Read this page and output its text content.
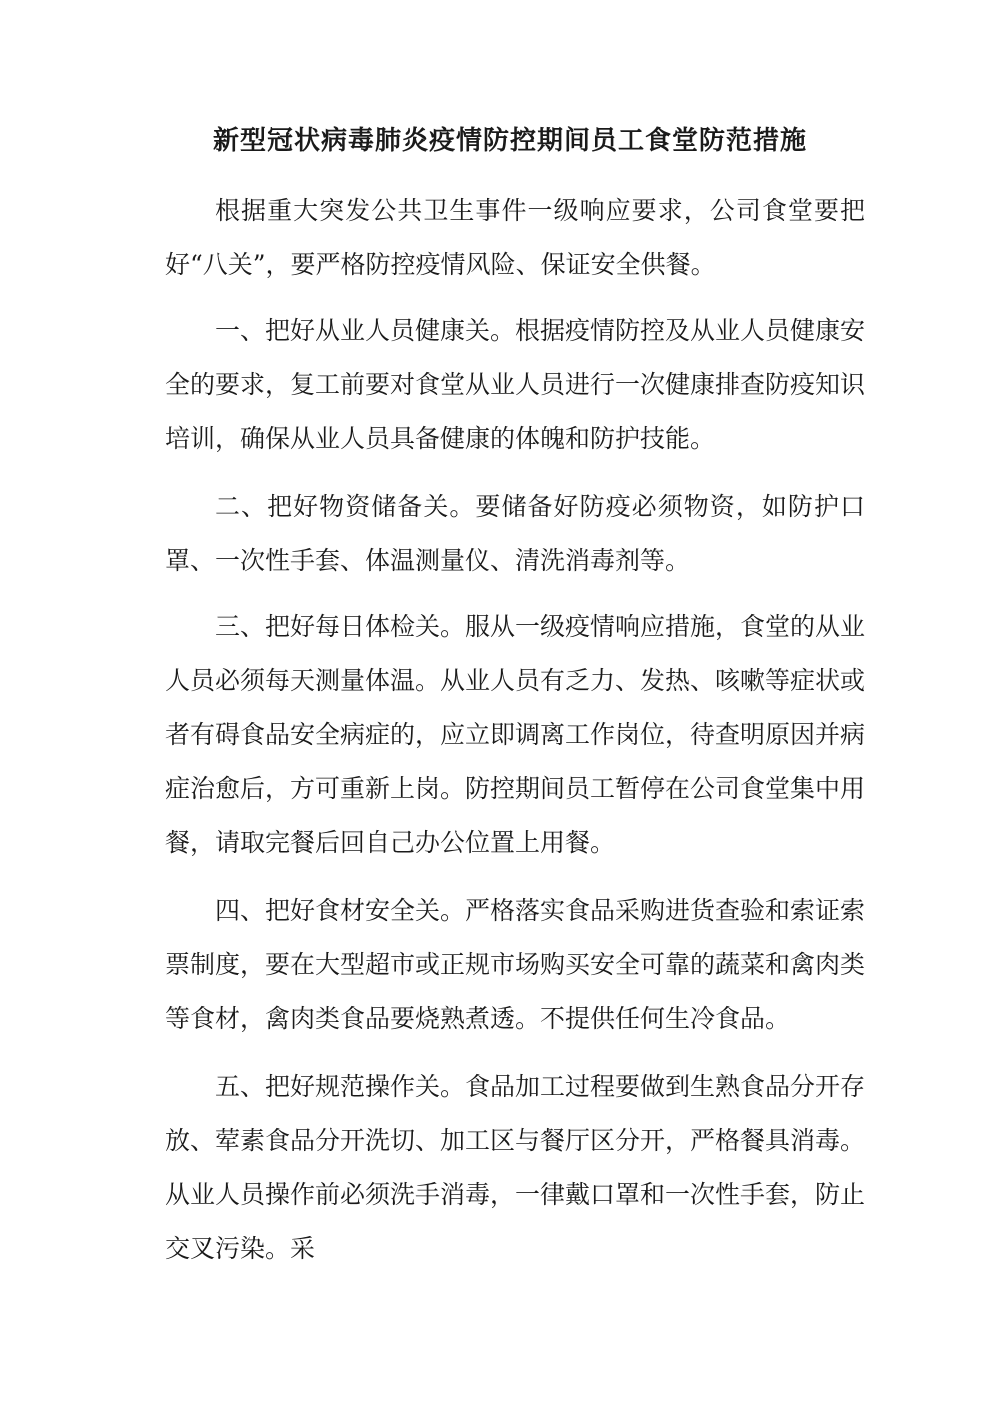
新型冠状病毒肺炎疫情防控期间员工食堂防范措施

根据重大突发公共卫生事件一级响应要求，公司食堂要把好“八关”，要严格防控疫情风险、保证安全供餐。

一、把好从业人员健康关。根据疫情防控及从业人员健康安全的要求，复工前要对食堂从业人员进行一次健康排查防疫知识培训，确保从业人员具备健康的体魄和防护技能。

二、把好物资储备关。要储备好防疫必须物资，如防护口罩、一次性手套、体温测量仪、清洗消毒剂等。

三、把好每日体检关。服从一级疫情响应措施，食堂的从业人员必须每天测量体温。从业人员有乏力、发热、咳嗽等症状或者有碍食品安全病症的，应立即调离工作岗位，待查明原因并病症治愈后，方可重新上岗。防控期间员工暂停在公司食堂集中用餐，请取完餐后回自己办公位置上用餐。

四、把好食材安全关。严格落实食品采购进货查验和索证索票制度，要在大型超市或正规市场购买安全可靠的蔬菜和禽肉类等食材，禽肉类食品要烧熟煮透。不提供任何生冷食品。

五、把好规范操作关。食品加工过程要做到生熟食品分开存放、荤素食品分开洗切、加工区与餐厅区分开，严格餐具消毒。从业人员操作前必须洗手消毒，一律戴口罩和一次性手套，防止交叉污染。采
